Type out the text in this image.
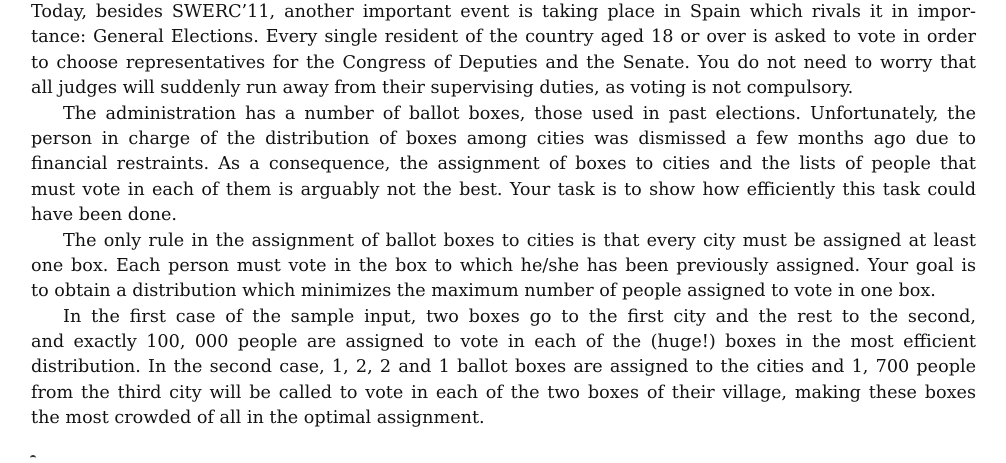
Today, besides SWERC’11, another important event is taking place in Spain which rivals it in impor-
tance: General Elections. Every single resident of the country aged 18 or over is asked to vote in order
to choose representatives for the Congress of Deputies and the Senate. You do not need to worry that
all judges will suddenly run away from their supervising duties, as voting is not compulsory.

The administration has a number of ballot boxes, those used in past elections. Unfortunately, the
person in charge of the distribution of boxes among cities was dismissed a few months ago due to
financial restraints. As a consequence, the assignment of boxes to cities and the lists of people that
must vote in each of them is arguably not the best. Your task is to show how efficiently this task could
have been done.

The only rule in the assignment of ballot boxes to cities is that every city must be assigned at least
one box. Each person must vote in the box to which he/she has been previously assigned. Your goal is
to obtain a distribution which minimizes the maximum number of people assigned to vote in one box.

In the first case of the sample input, two boxes go to the first city and the rest to the second,
and exactly 100, 000 people are assigned to vote in each of the (huge!) boxes in the most efficient
distribution. In the second case, 1, 2, 2 and 1 ballot boxes are assigned to the cities and 1, 700 people
from the third city will be called to vote in each of the two boxes of their village, making these boxes
the most crowded of all in the optimal assignment.
